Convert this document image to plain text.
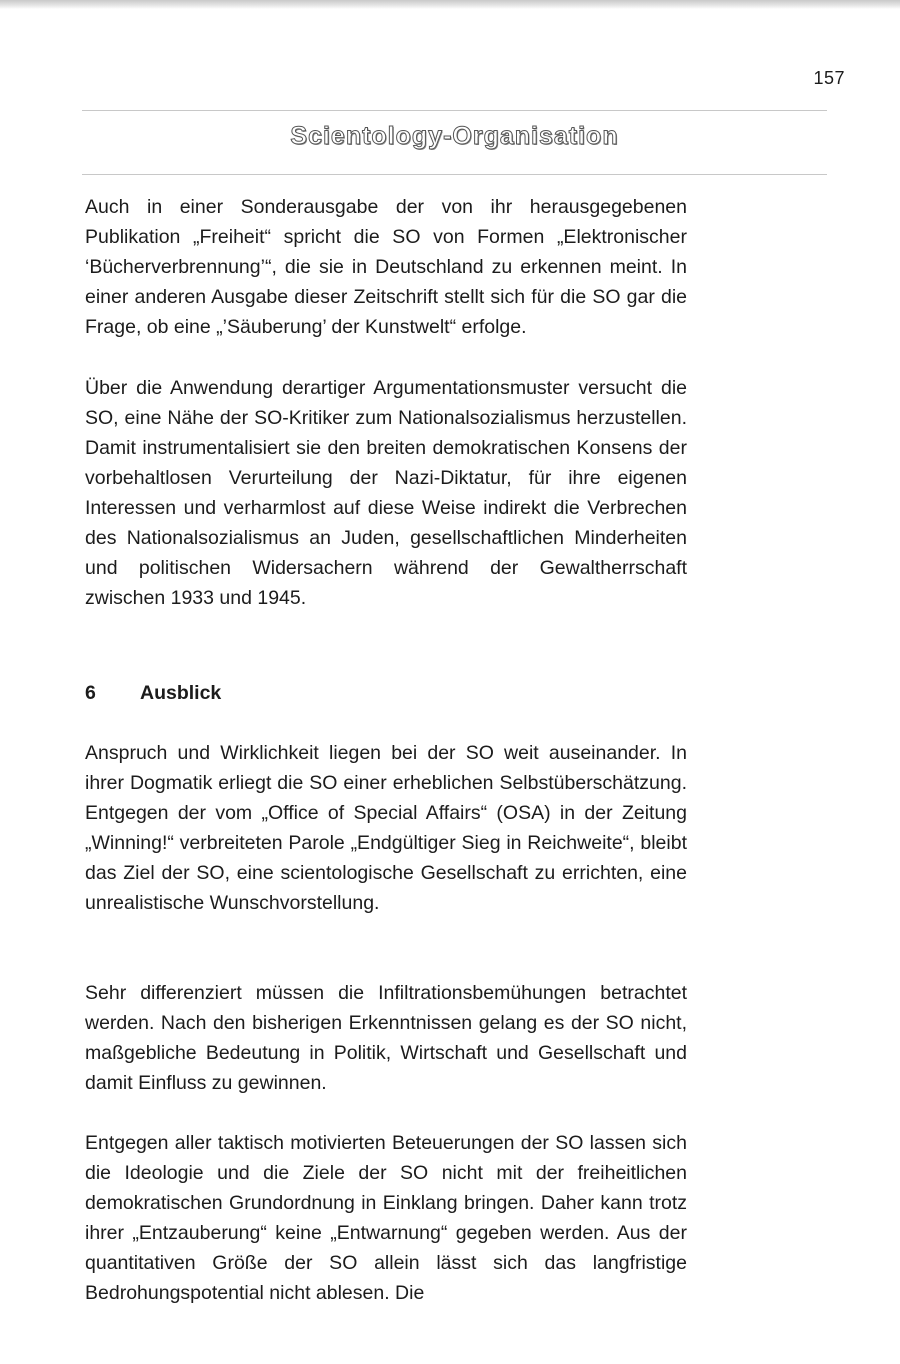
157
Scientology-Organisation

Auch in einer Sonderausgabe der von ihr herausgegebenen Publikation „Freiheit“ spricht die SO von Formen „Elektronischer ‘Bücherverbrennung’“, die sie in Deutschland zu erkennen meint. In einer anderen Ausgabe dieser Zeitschrift stellt sich für die SO gar die Frage, ob eine „’Säuberung’ der Kunstwelt“ erfolge.

Über die Anwendung derartiger Argumentationsmuster versucht die SO, eine Nähe der SO-Kritiker zum Nationalsozialismus herzustellen. Damit instrumentalisiert sie den breiten demokratischen Konsens der vorbehaltlosen Verurteilung der Nazi-Diktatur, für ihre eigenen Interessen und verharmlost auf diese Weise indirekt die Verbrechen des Nationalsozialismus an Juden, gesellschaftlichen Minderheiten und politischen Widersachern während der Gewaltherrschaft zwischen 1933 und 1945.

6 Ausblick

Anspruch und Wirklichkeit liegen bei der SO weit auseinander. In ihrer Dogmatik erliegt die SO einer erheblichen Selbstüberschätzung. Entgegen der vom „Office of Special Affairs“ (OSA) in der Zeitung „Winning!“ verbreiteten Parole „Endgültiger Sieg in Reichweite“, bleibt das Ziel der SO, eine scientologische Gesellschaft zu errichten, eine unrealistische Wunschvorstellung.

Sehr differenziert müssen die Infiltrationsbemühungen betrachtet werden. Nach den bisherigen Erkenntnissen gelang es der SO nicht, maßgebliche Bedeutung in Politik, Wirtschaft und Gesellschaft und damit Einfluss zu gewinnen.

Entgegen aller taktisch motivierten Beteuerungen der SO lassen sich die Ideologie und die Ziele der SO nicht mit der freiheitlichen demokratischen Grundordnung in Einklang bringen. Daher kann trotz ihrer „Entzauberung“ keine „Entwarnung“ gegeben werden. Aus der quantitativen Größe der SO allein lässt sich das langfristige Bedrohungspotential nicht ablesen. Die
